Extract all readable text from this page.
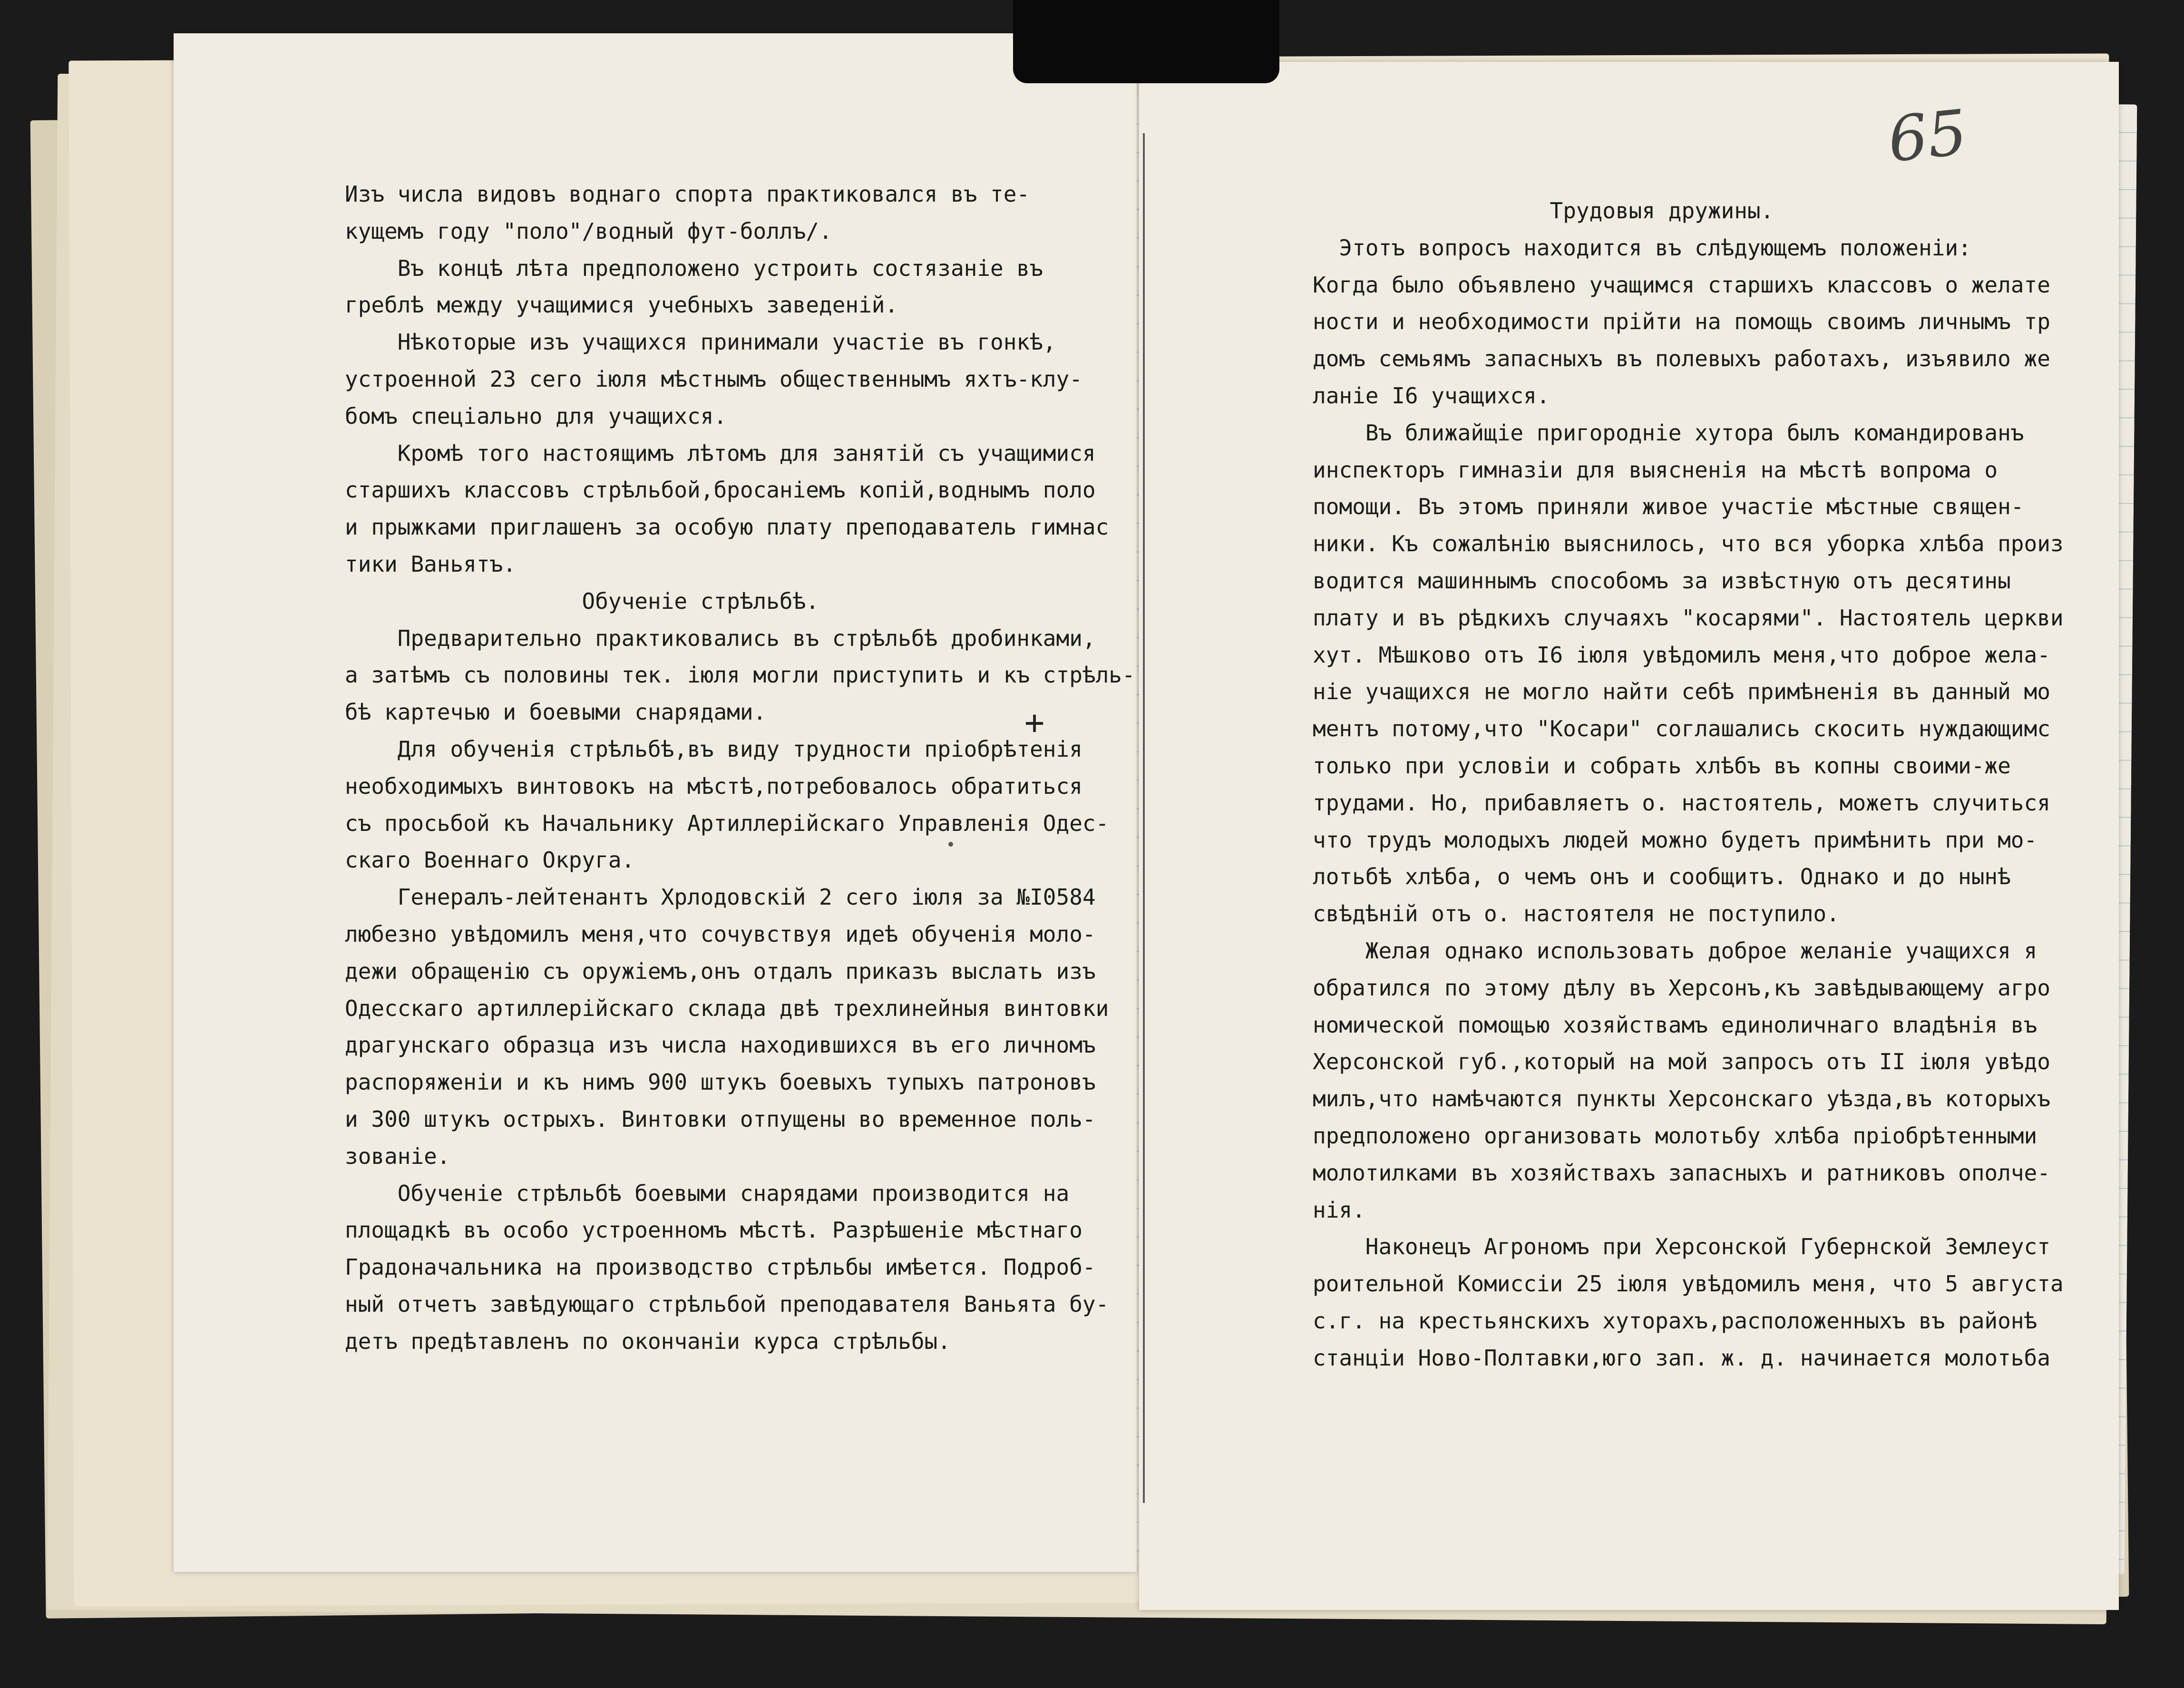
65
Изъ числа видовъ воднаго спорта практиковался въ те-
кущемъ году "поло"/водный фут-боллъ/.
Въ концѣ лѣта предположено устроить состязаніе въ
греблѣ между учащимися учебныхъ заведеній.
Нѣкоторые изъ учащихся принимали участіе въ гонкѣ,
устроенной 23 сего іюля мѣстнымъ общественнымъ яхтъ-клу-
бомъ спеціально для учащихся.
Кромѣ того настоящимъ лѣтомъ для занятій съ учащимися
старшихъ классовъ стрѣльбой,бросаніемъ копій,воднымъ поло
и прыжками приглашенъ за особую плату преподаватель гимнас
тики Ваньятъ.
Обученіе стрѣльбѣ.
Предварительно практиковались въ стрѣльбѣ дробинками,
а затѣмъ съ половины тек. іюля могли приступить и къ стрѣль-
бѣ картечью и боевыми снарядами.
Для обученія стрѣльбѣ,въ виду трудности пріобрѣтенія
необходимыхъ винтовокъ на мѣстѣ,потребовалось обратиться
съ просьбой къ Начальнику Артиллерійскаго Управленія Одес-
скаго Военнаго Округа.
Генералъ-лейтенантъ Хрлодовскій 2 сего іюля за №І0584
любезно увѣдомилъ меня,что сочувствуя идеѣ обученія моло-
дежи обращенію съ оружіемъ,онъ отдалъ приказъ выслать изъ
Одесскаго артиллерійскаго склада двѣ трехлинейныя винтовки
драгунскаго образца изъ числа находившихся въ его личномъ
распоряженіи и къ нимъ 900 штукъ боевыхъ тупыхъ патроновъ
и 300 штукъ острыхъ. Винтовки отпущены во временное поль-
зованіе.
Обученіе стрѣльбѣ боевыми снарядами производится на
площадкѣ въ особо устроенномъ мѣстѣ. Разрѣшеніе мѣстнаго
Градоначальника на производство стрѣльбы имѣется. Подроб-
ный отчетъ завѣдующаго стрѣльбой преподавателя Ваньята бу-
детъ предѣтавленъ по окончаніи курса стрѣльбы.
Трудовыя дружины.
Этотъ вопросъ находится въ слѣдующемъ положеніи:
Когда было объявлено учащимся старшихъ классовъ о желате
ности и необходимости прійти на помощь своимъ личнымъ тр
домъ семьямъ запасныхъ въ полевыхъ работахъ, изъявило же
ланіе І6 учащихся.
Въ ближайщіе пригородніе хутора былъ командированъ
инспекторъ гимназіи для выясненія на мѣстѣ вопрома о
помощи. Въ этомъ приняли живое участіе мѣстные священ-
ники. Къ сожалѣнію выяснилось, что вся уборка хлѣба произ
водится машиннымъ способомъ за извѣстную отъ десятины
плату и въ рѣдкихъ случаяхъ "косарями". Настоятель церкви
хут. Мѣшково отъ І6 іюля увѣдомилъ меня,что доброе жела-
ніе учащихся не могло найти себѣ примѣненія въ данный мо
ментъ потому,что "Косари" соглашались скосить нуждающимс
только при условіи и собрать хлѣбъ въ копны своими-же
трудами. Но, прибавляетъ о. настоятель, можетъ случиться
что трудъ молодыхъ людей можно будетъ примѣнить при мо-
лотьбѣ хлѣба, о чемъ онъ и сообщитъ. Однако и до нынѣ
свѣдѣній отъ о. настоятеля не поступило.
Желая однако использовать доброе желаніе учащихся я
обратился по этому дѣлу въ Херсонъ,къ завѣдывающему агро
номической помощью хозяйствамъ единоличнаго владѣнія въ
Херсонской губ.,который на мой запросъ отъ ІІ іюля увѣдо
милъ,что намѣчаются пункты Херсонскаго уѣзда,въ которыхъ
предположено организовать молотьбу хлѣба пріобрѣтенными
молотилками въ хозяйствахъ запасныхъ и ратниковъ ополче-
нія.
Наконецъ Агрономъ при Херсонской Губернской Землеуст
роительной Комиссіи 25 іюля увѣдомилъ меня, что 5 августа
с.г. на крестьянскихъ хуторахъ,расположенныхъ въ районѣ
станціи Ново-Полтавки,юго зап. ж. д. начинается молотьба
+
